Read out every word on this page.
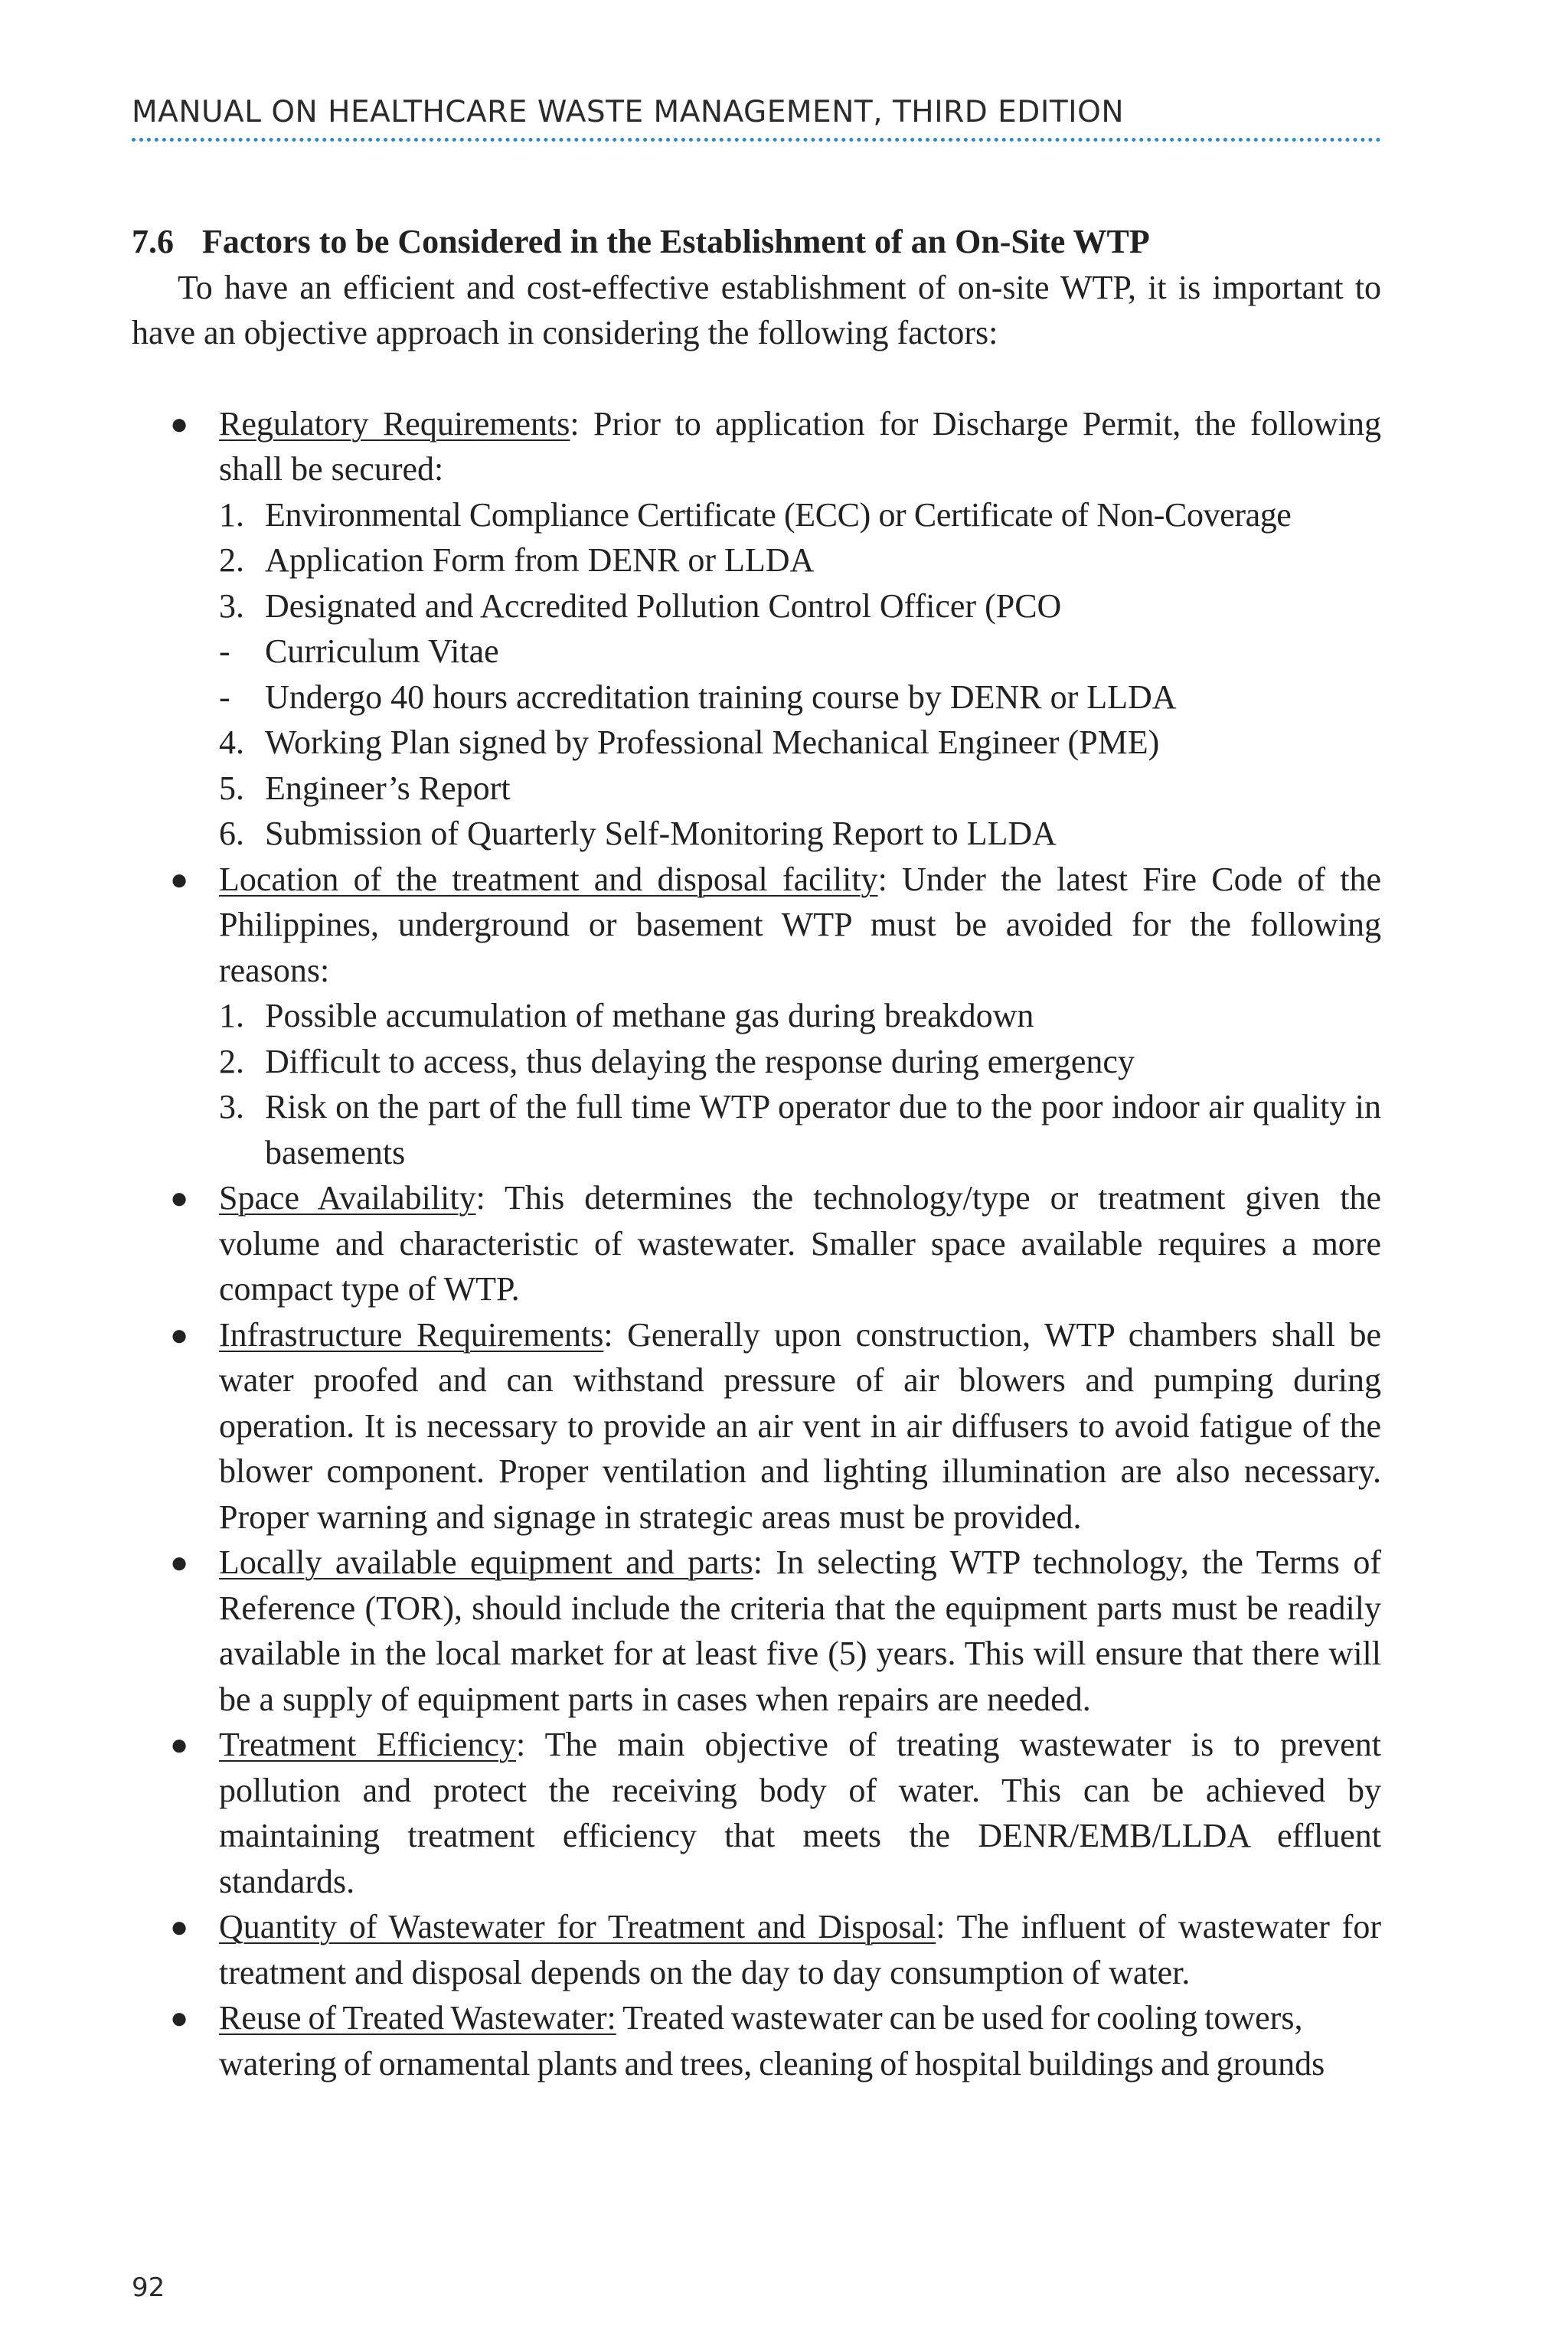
MANUAL ON HEALTHCARE WASTE MANAGEMENT, THIRD EDITION
7.6 Factors to be Considered in the Establishment of an On-Site WTP

To have an efficient and cost-effective establishment of on-site WTP, it is important to have an objective approach in considering the following factors:

● Regulatory Requirements: Prior to application for Discharge Permit, the following shall be secured:

1. Environmental Compliance Certificate (ECC) or Certificate of Non-Coverage
2. Application Form from DENR or LLDA
3. Designated and Accredited Pollution Control Officer (PCO
- Curriculum Vitae
- Undergo 40 hours accreditation training course by DENR or LLDA
4. Working Plan signed by Professional Mechanical Engineer (PME)
5. Engineer’s Report
6. Submission of Quarterly Self-Monitoring Report to LLDA
● Location of the treatment and disposal facility: Under the latest Fire Code of the Philippines, underground or basement WTP must be avoided for the following reasons:

1. Possible accumulation of methane gas during breakdown
2. Difficult to access, thus delaying the response during emergency
3. Risk on the part of the full time WTP operator due to the poor indoor air quality in basements
● Space Availability: This determines the technology/type or treatment given the volume and characteristic of wastewater. Smaller space available requires a more compact type of WTP.

● Infrastructure Requirements: Generally upon construction, WTP chambers shall be water proofed and can withstand pressure of air blowers and pumping during operation. It is necessary to provide an air vent in air diffusers to avoid fatigue of the blower component. Proper ventilation and lighting illumination are also necessary. Proper warning and signage in strategic areas must be provided.

● Locally available equipment and parts: In selecting WTP technology, the Terms of Reference (TOR), should include the criteria that the equipment parts must be readily available in the local market for at least five (5) years. This will ensure that there will be a supply of equipment parts in cases when repairs are needed.

● Treatment Efficiency: The main objective of treating wastewater is to prevent pollution and protect the receiving body of water. This can be achieved by maintaining treatment efficiency that meets the DENR/EMB/LLDA effluent standards.

● Quantity of Wastewater for Treatment and Disposal: The influent of wastewater for treatment and disposal depends on the day to day consumption of water.

● Reuse of Treated Wastewater: Treated wastewater can be used for cooling towers, watering of ornamental plants and trees, cleaning of hospital buildings and grounds

92
